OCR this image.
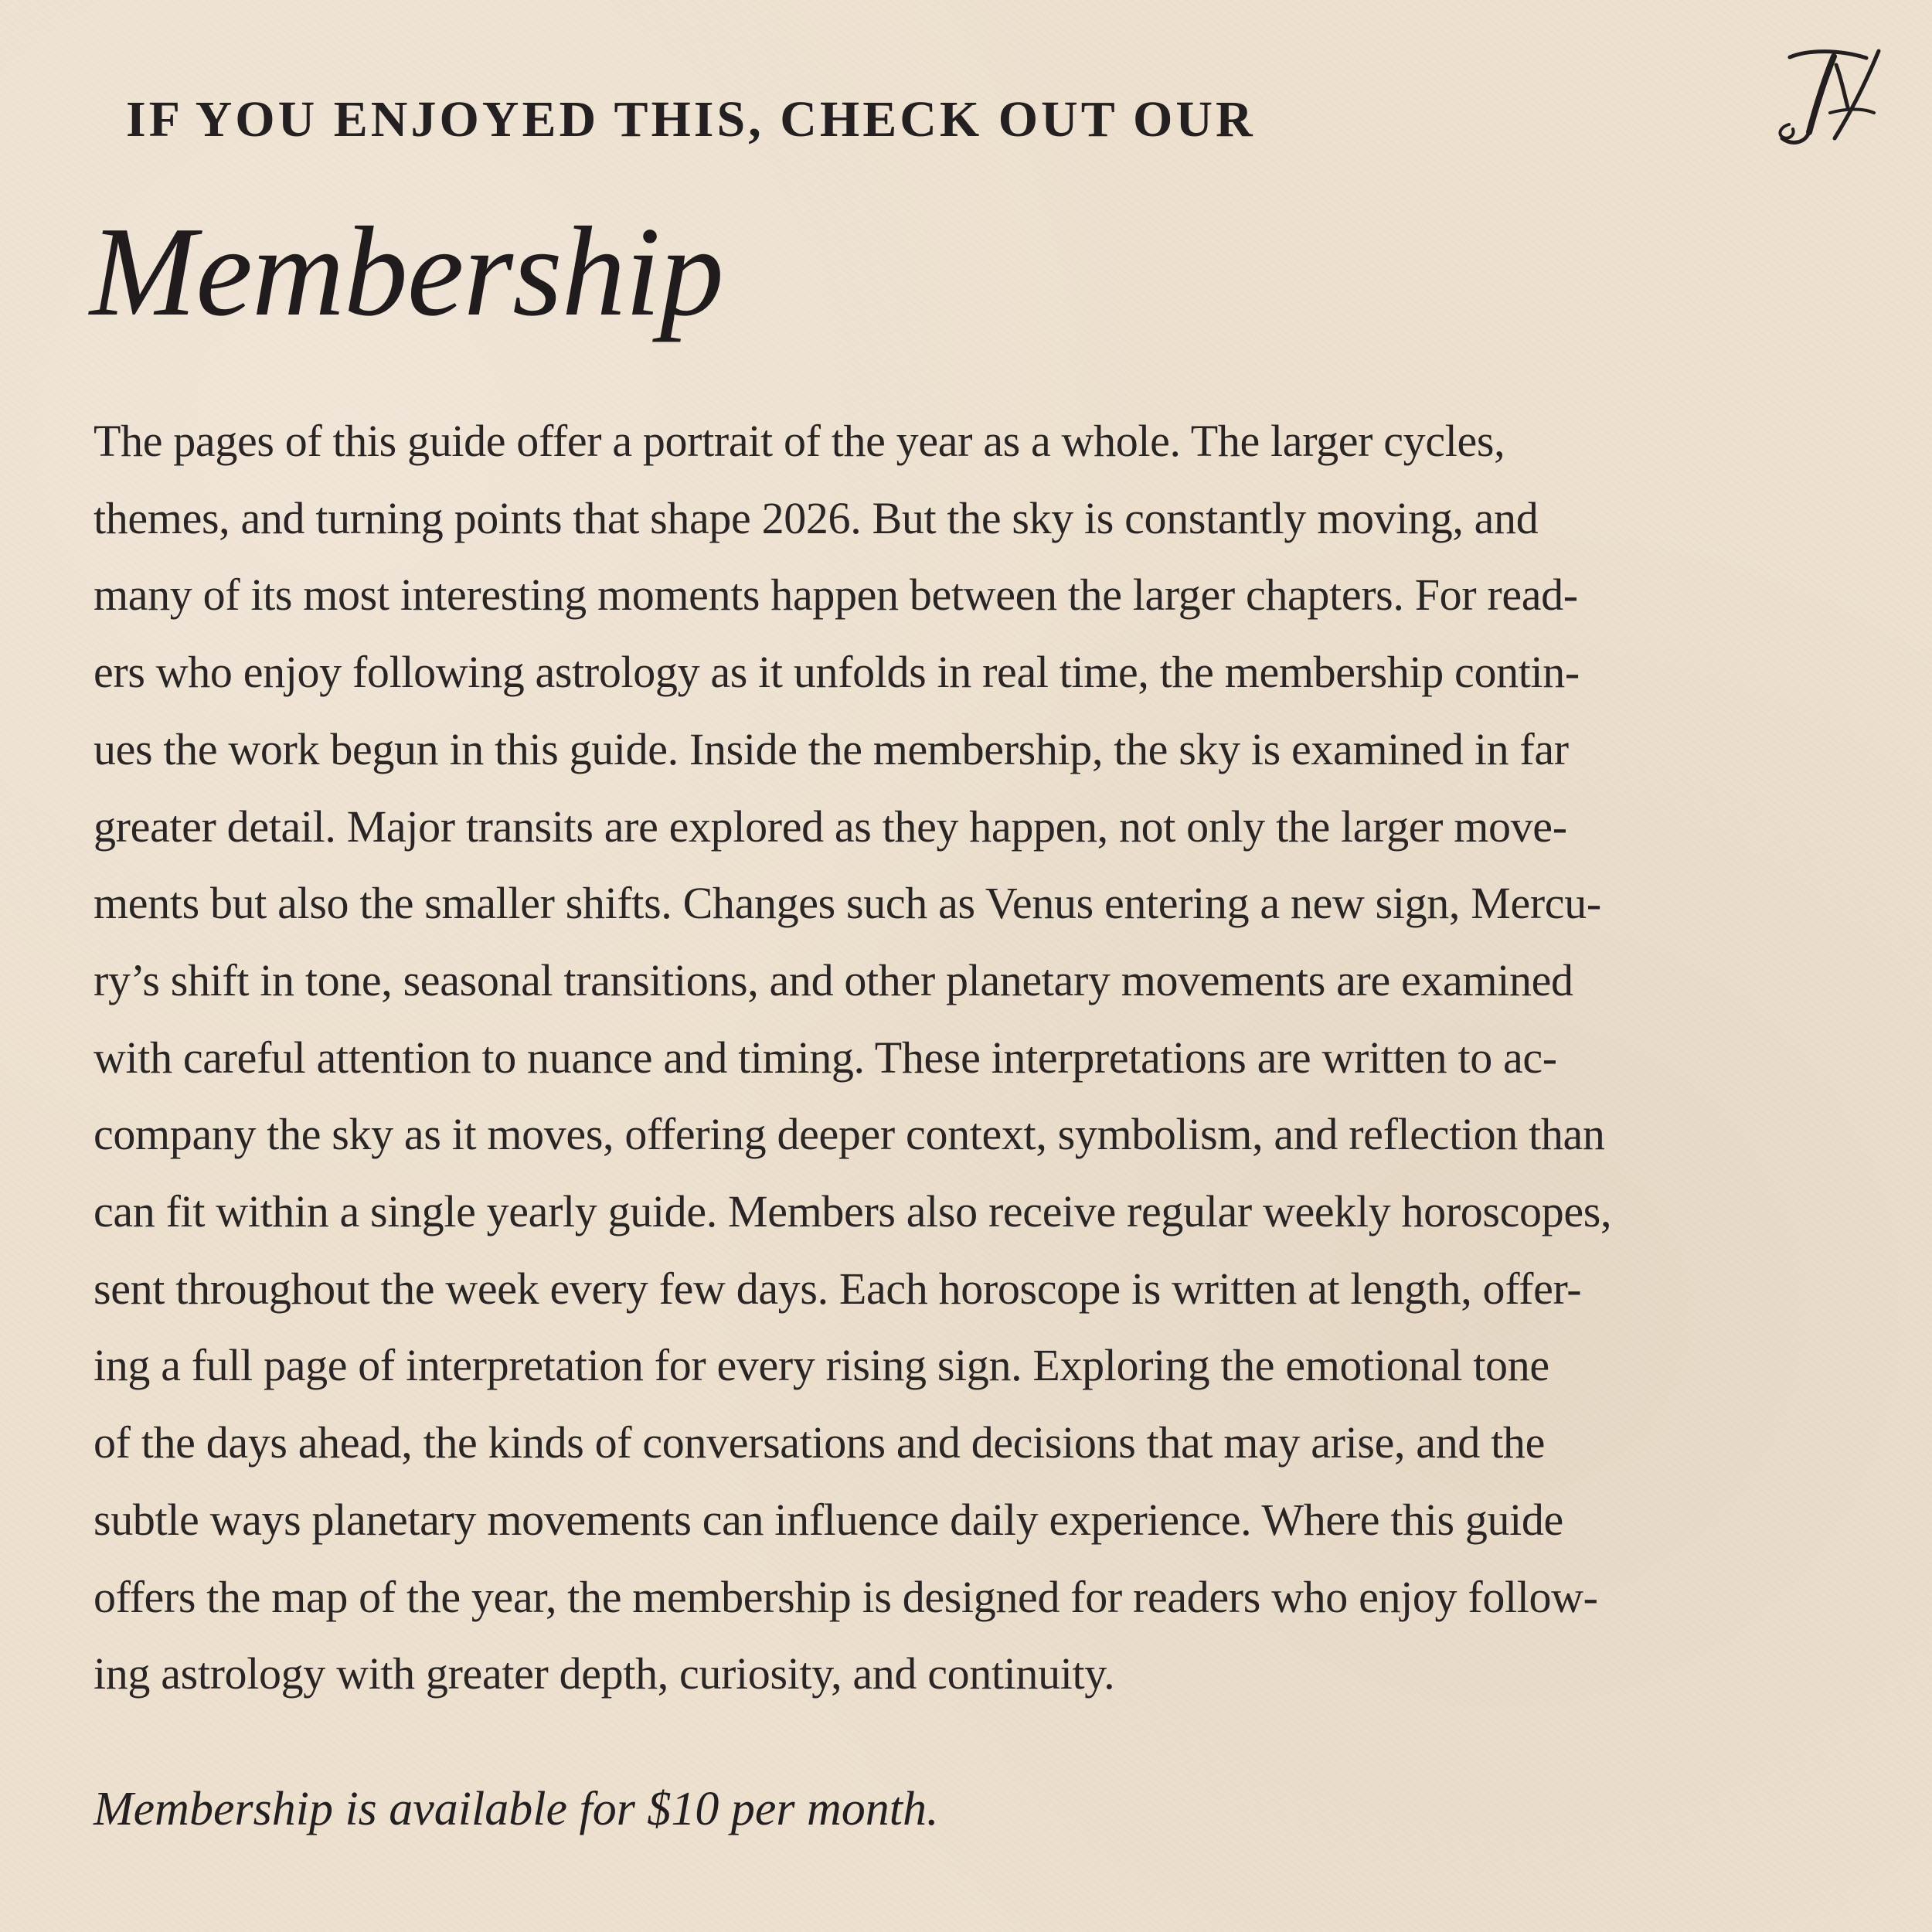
IF YOU ENJOYED THIS, CHECK OUT OUR
Membership
The pages of this guide offer a portrait of the year as a whole. The larger cycles,
themes, and turning points that shape 2026. But the sky is constantly moving, and
many of its most interesting moments happen between the larger chapters. For read-
ers who enjoy following astrology as it unfolds in real time, the membership contin-
ues the work begun in this guide. Inside the membership, the sky is examined in far
greater detail. Major transits are explored as they happen, not only the larger move-
ments but also the smaller shifts. Changes such as Venus entering a new sign, Mercu-
ry’s shift in tone, seasonal transitions, and other planetary movements are examined
with careful attention to nuance and timing. These interpretations are written to ac-
company the sky as it moves, offering deeper context, symbolism, and reflection than
can fit within a single yearly guide. Members also receive regular weekly horoscopes,
sent throughout the week every few days. Each horoscope is written at length, offer-
ing a full page of interpretation for every rising sign. Exploring the emotional tone
of the days ahead, the kinds of conversations and decisions that may arise, and the
subtle ways planetary movements can influence daily experience. Where this guide
offers the map of the year, the membership is designed for readers who enjoy follow-
ing astrology with greater depth, curiosity, and continuity.

Membership is available for $10 per month.
